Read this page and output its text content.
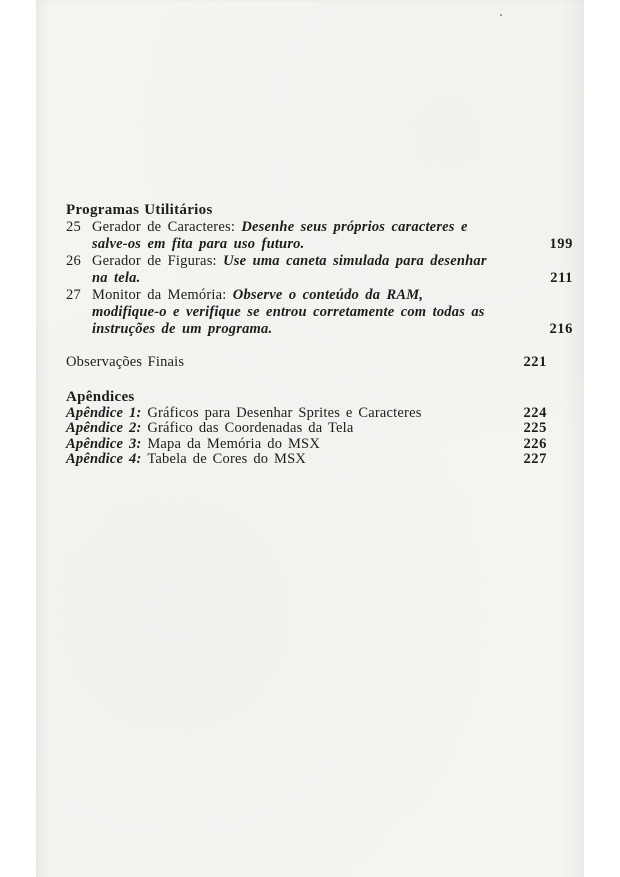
Programas Utilitários
25 Gerador de Caracteres: Desenhe seus próprios caracteres e
salve-os em fita para uso futuro.	199
26 Gerador de Figuras: Use uma caneta simulada para desenhar
na tela.	211
27 Monitor da Memória: Observe o conteúdo da RAM,
modifique-o e verifique se entrou corretamente com todas as
instruções de um programa.	216
Observações Finais	221
Apêndices
Apêndice 1: Gráficos para Desenhar Sprites e Caracteres	224
Apêndice 2: Gráfico das Coordenadas da Tela	225
Apêndice 3: Mapa da Memória do MSX	226
Apêndice 4: Tabela de Cores do MSX	227
